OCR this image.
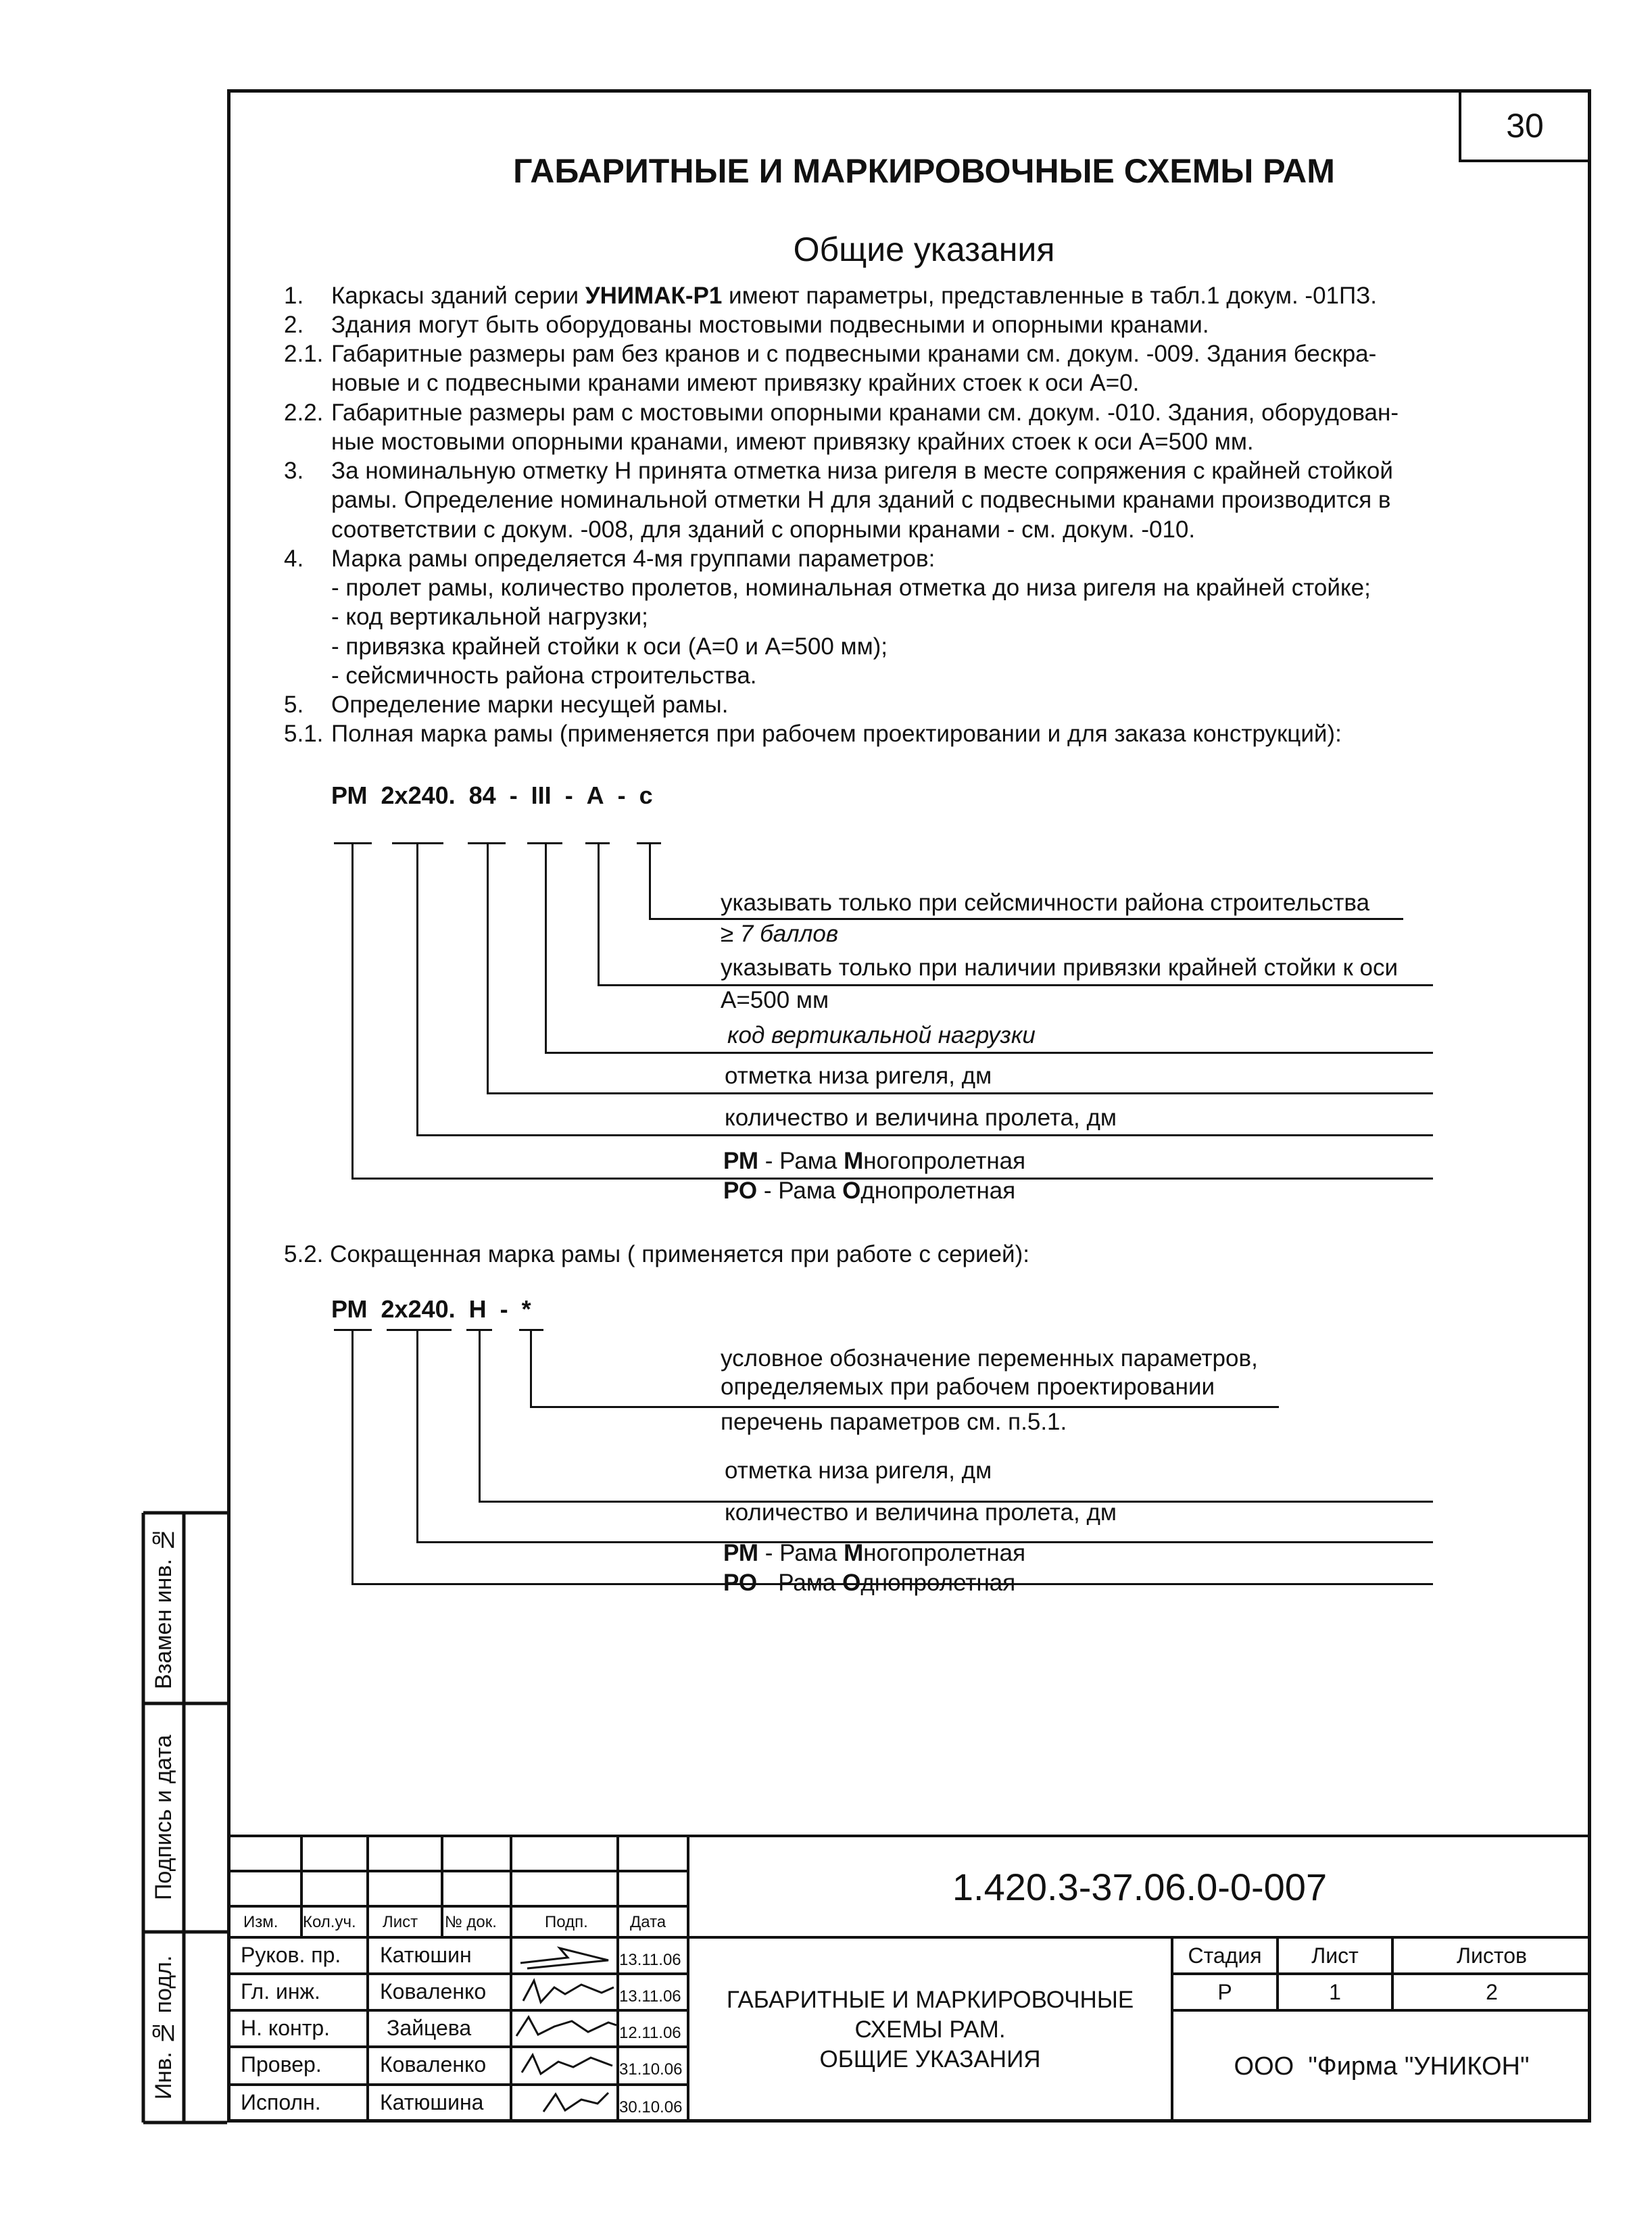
30
ГАБАРИТНЫЕ И МАРКИРОВОЧНЫЕ СХЕМЫ РАМ
Общие указания
1. Каркасы зданий серии УНИМАК-Р1 имеют параметры, представленные в табл.1 докум. -01ПЗ.
2. Здания могут быть оборудованы мостовыми подвесными и опорными кранами.
2.1. Габаритные размеры рам без кранов и с подвесными кранами см. докум. -009. Здания бескра-
новые и с подвесными кранами имеют привязку крайних стоек к оси А=0.
2.2. Габаритные размеры рам с мостовыми опорными кранами см. докум. -010. Здания, оборудован-
ные мостовыми опорными кранами, имеют привязку крайних стоек к оси А=500 мм.
3. За номинальную отметку Н принята отметка низа ригеля в месте сопряжения с крайней стойкой
рамы. Определение номинальной отметки Н для зданий с подвесными кранами производится в
соответствии с докум. -008, для зданий с опорными кранами - см. докум. -010.
4. Марка рамы определяется 4-мя группами параметров:
- пролет рамы, количество пролетов, номинальная отметка до низа ригеля на крайней стойке;
- код вертикальной нагрузки;
- привязка крайней стойки к оси (А=0 и А=500 мм);
- сейсмичность района строительства.
5. Определение марки несущей рамы.
5.1. Полная марка рамы (применяется при рабочем проектировании и для заказа конструкций):
РМ  2х240.  84  -  III  -  А  -  с
указывать только при сейсмичности района строительства
≥ 7 баллов
указывать только при наличии привязки крайней стойки к оси
А=500 мм
код вертикальной нагрузки
отметка низа ригеля, дм
количество и величина пролета, дм
РМ - Рама Многопролетная
РО - Рама Однопролетная
5.2. Сокращенная марка рамы ( применяется при работе с серией):
РМ  2х240.  Н  -  *
условное обозначение переменных параметров,
определяемых при рабочем проектировании
перечень параметров см. п.5.1.
отметка низа ригеля, дм
количество и величина пролета, дм
РМ - Рама Многопролетная
РО - Рама Однопролетная
Взамен инв. №
Подпись и дата
Инв. № подл.
1.420.3-37.06.0-0-007
Изм. Кол.уч. Лист № док.	Подп.	Дата
Руков. пр. Катюшин	13.11.06
Гл. инж.	Коваленко	13.11.06
Н. контр.	Зайцева	12.11.06
Провер.	Коваленко	31.10.06
Исполн.	Катюшина	30.10.06
ГАБАРИТНЫЕ И МАРКИРОВОЧНЫЕ
СХЕМЫ РАМ.
ОБЩИЕ УКАЗАНИЯ
Стадия	Лист	Листов
Р	1	2
ООО  "Фирма "УНИКОН"
